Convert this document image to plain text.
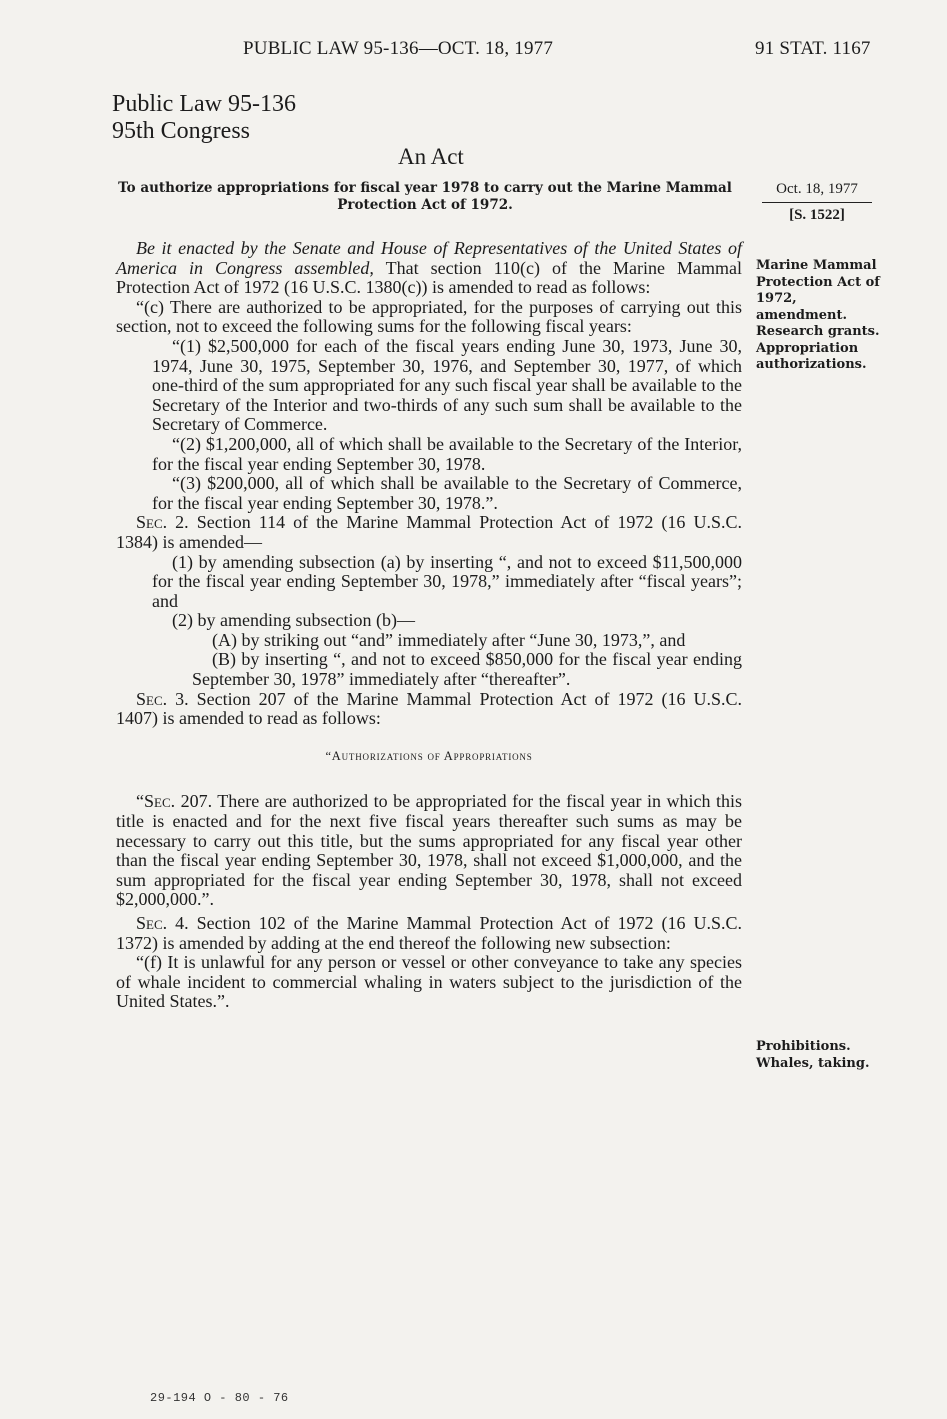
PUBLIC LAW 95-136—OCT. 18, 1977	91 STAT. 1167
Public Law 95-136
95th Congress
An Act
To authorize appropriations for fiscal year 1978 to carry out the Marine Mammal Protection Act of 1972.
Oct. 18, 1977
[S. 1522]
Marine Mammal
Protection Act of
1972,
amendment.
Research grants.
Appropriation
authorizations.
Prohibitions.
Whales, taking.

Be it enacted by the Senate and House of Representatives of the United States of America in Congress assembled, That section 110(c) of the Marine Mammal Protection Act of 1972 (16 U.S.C. 1380(c)) is amended to read as follows:

“(c) There are authorized to be appropriated, for the purposes of carrying out this section, not to exceed the following sums for the following fiscal years:

“(1) $2,500,000 for each of the fiscal years ending June 30, 1973, June 30, 1974, June 30, 1975, September 30, 1976, and September 30, 1977, of which one-third of the sum appropriated for any such fiscal year shall be available to the Secretary of the Interior and two-thirds of any such sum shall be available to the Secretary of Commerce.

“(2) $1,200,000, all of which shall be available to the Secretary of the Interior, for the fiscal year ending September 30, 1978.

“(3) $200,000, all of which shall be available to the Secretary of Commerce, for the fiscal year ending September 30, 1978.”.

Sec. 2. Section 114 of the Marine Mammal Protection Act of 1972 (16 U.S.C. 1384) is amended—

(1) by amending subsection (a) by inserting “, and not to exceed $11,500,000 for the fiscal year ending September 30, 1978,” immediately after “fiscal years”; and

(2) by amending subsection (b)—

(A) by striking out “and” immediately after “June 30, 1973,”, and

(B) by inserting “, and not to exceed $850,000 for the fiscal year ending September 30, 1978” immediately after “thereafter”.

Sec. 3. Section 207 of the Marine Mammal Protection Act of 1972 (16 U.S.C. 1407) is amended to read as follows:

“Authorizations of Appropriations

“Sec. 207. There are authorized to be appropriated for the fiscal year in which this title is enacted and for the next five fiscal years thereafter such sums as may be necessary to carry out this title, but the sums appropriated for any fiscal year other than the fiscal year ending September 30, 1978, shall not exceed $1,000,000, and the sum appropriated for the fiscal year ending September 30, 1978, shall not exceed $2,000,000.”.

Sec. 4. Section 102 of the Marine Mammal Protection Act of 1972 (16 U.S.C. 1372) is amended by adding at the end thereof the following new subsection:

“(f) It is unlawful for any person or vessel or other conveyance to take any species of whale incident to commercial whaling in waters subject to the jurisdiction of the United States.”.

29-194 O - 80 - 76
